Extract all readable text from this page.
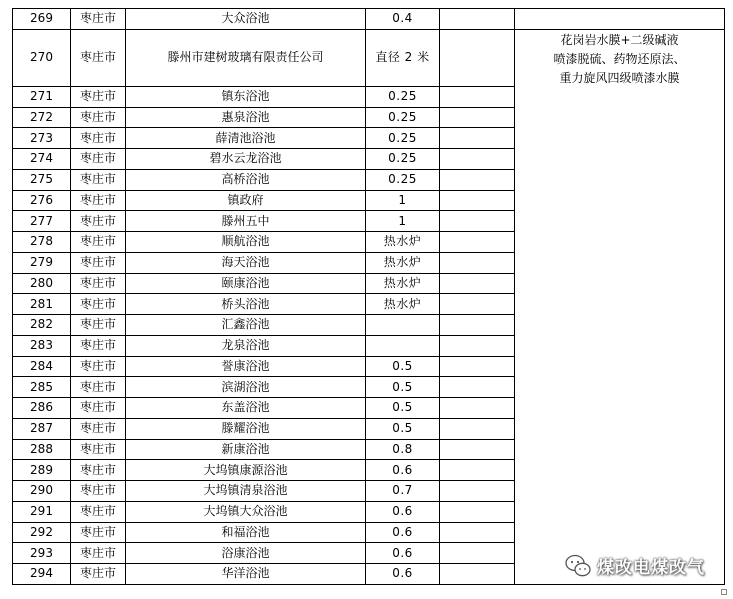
269	枣庄市	大众浴池	0.4		
270	枣庄市	滕州市建树玻璃有限责任公司	直径 2 米		花岗岩水膜+二级碱液
喷漆脱硫、药物还原法、
重力旋风四级喷漆水膜

271	枣庄市	镇东浴池	0.25		
272	枣庄市	惠泉浴池	0.25		
273	枣庄市	薛清池浴池	0.25		
274	枣庄市	碧水云龙浴池	0.25		
275	枣庄市	高桥浴池	0.25		
276	枣庄市	镇政府	1		
277	枣庄市	滕州五中	1		
278	枣庄市	顺航浴池	热水炉		
279	枣庄市	海天浴池	热水炉		
280	枣庄市	颐康浴池	热水炉		
281	枣庄市	桥头浴池	热水炉		
282	枣庄市	汇鑫浴池			
283	枣庄市	龙泉浴池			
284	枣庄市	誉康浴池	0.5		
285	枣庄市	滨湖浴池	0.5		
286	枣庄市	东盖浴池	0.5		
287	枣庄市	滕耀浴池	0.5		
288	枣庄市	新康浴池	0.8		
289	枣庄市	大坞镇康源浴池	0.6		
290	枣庄市	大坞镇清泉浴池	0.7		
291	枣庄市	大坞镇大众浴池	0.6		
292	枣庄市	和福浴池	0.6		
293	枣庄市	浴康浴池	0.6		
294	枣庄市	华洋浴池	0.6			煤改电煤改气
